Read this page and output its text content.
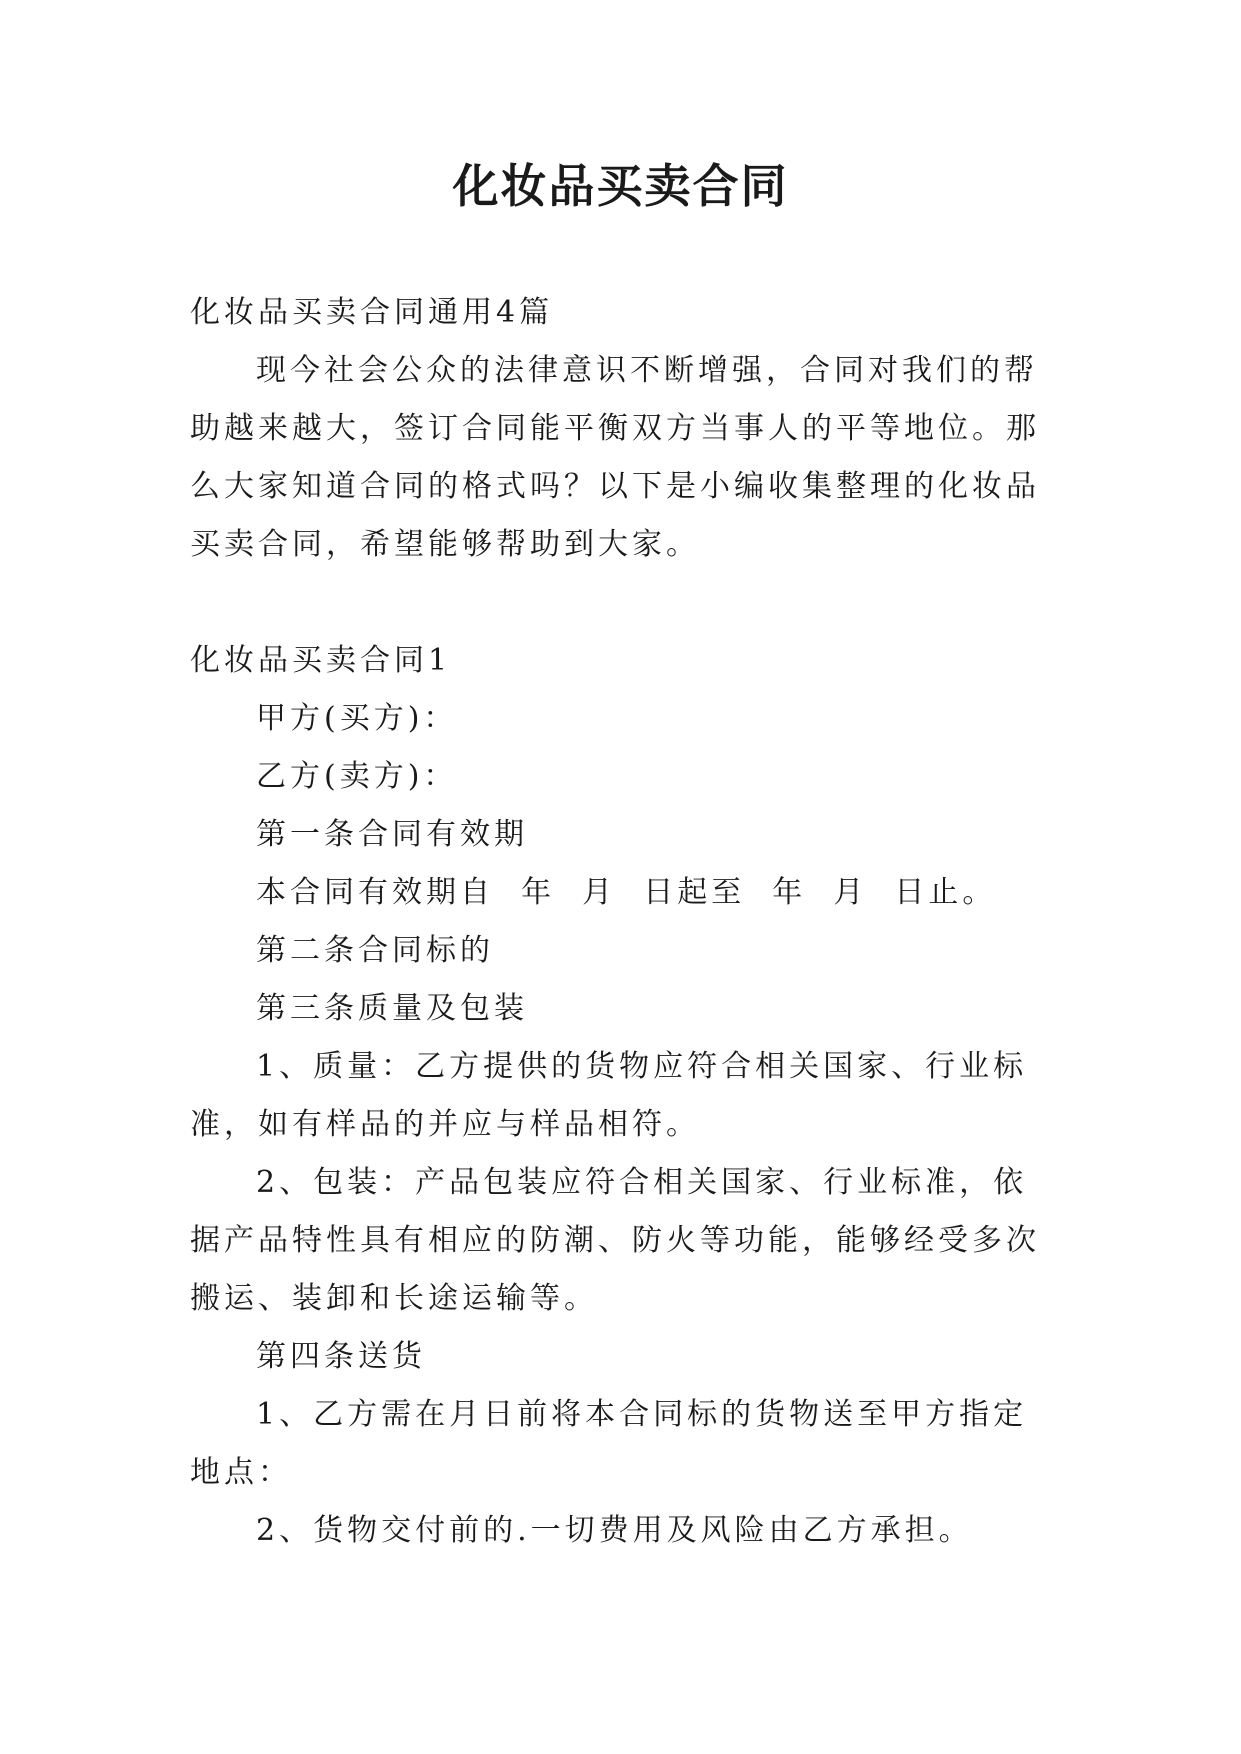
化妆品买卖合同

化妆品买卖合同通用4篇

现今社会公众的法律意识不断增强，合同对我们的帮助越来越大，签订合同能平衡双方当事人的平等地位。那么大家知道合同的格式吗？以下是小编收集整理的化妆品买卖合同，希望能够帮助到大家。

化妆品买卖合同1

甲方(买方)：

乙方(卖方)：

第一条合同有效期

本合同有效期自  年  月  日起至  年  月  日止。

第二条合同标的

第三条质量及包装

1、质量：乙方提供的货物应符合相关国家、行业标准，如有样品的并应与样品相符。

2、包装：产品包装应符合相关国家、行业标准，依据产品特性具有相应的防潮、防火等功能，能够经受多次搬运、装卸和长途运输等。

第四条送货

1、乙方需在月日前将本合同标的货物送至甲方指定地点：

2、货物交付前的.一切费用及风险由乙方承担。
